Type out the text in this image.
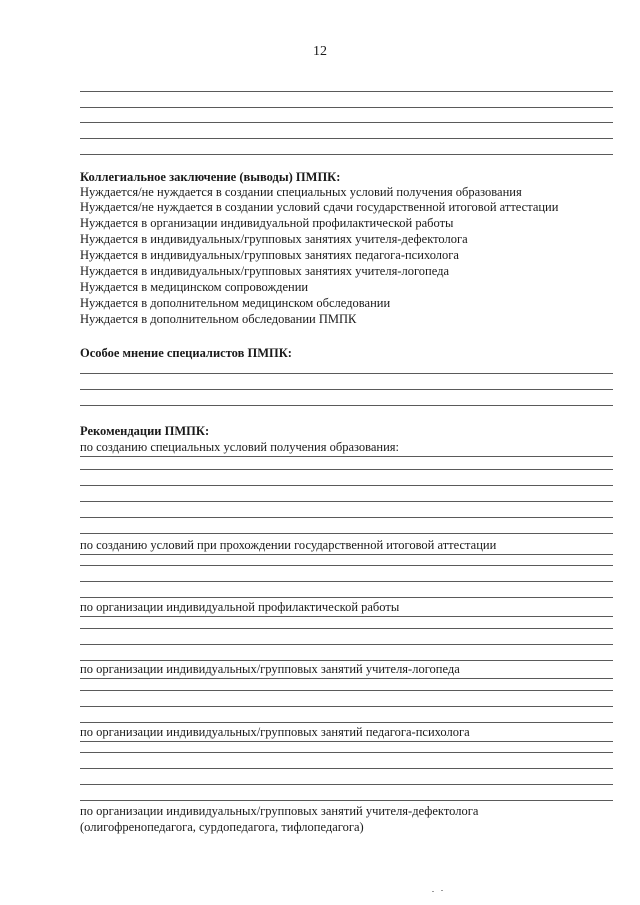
12
Коллегиальное заключение (выводы) ПМПК:
Нуждается/не нуждается в создании специальных условий получения образования
Нуждается/не нуждается в создании условий сдачи государственной итоговой аттестации
Нуждается в организации индивидуальной профилактической работы
Нуждается в индивидуальных/групповых занятиях учителя-дефектолога
Нуждается в индивидуальных/групповых занятиях педагога-психолога
Нуждается в индивидуальных/групповых занятиях учителя-логопеда
Нуждается в медицинском сопровождении
Нуждается в дополнительном медицинском обследовании
Нуждается в дополнительном обследовании ПМПК
Особое мнение специалистов ПМПК:
Рекомендации ПМПК:
по созданию специальных условий получения образования:
по созданию условий при прохождении государственной итоговой аттестации
по организации индивидуальной профилактической работы
по организации индивидуальных/групповых занятий учителя-логопеда
по организации индивидуальных/групповых занятий педагога-психолога
по организации индивидуальных/групповых занятий учителя-дефектолога
(олигофренопедагога, сурдопедагога, тифлопедагога)
